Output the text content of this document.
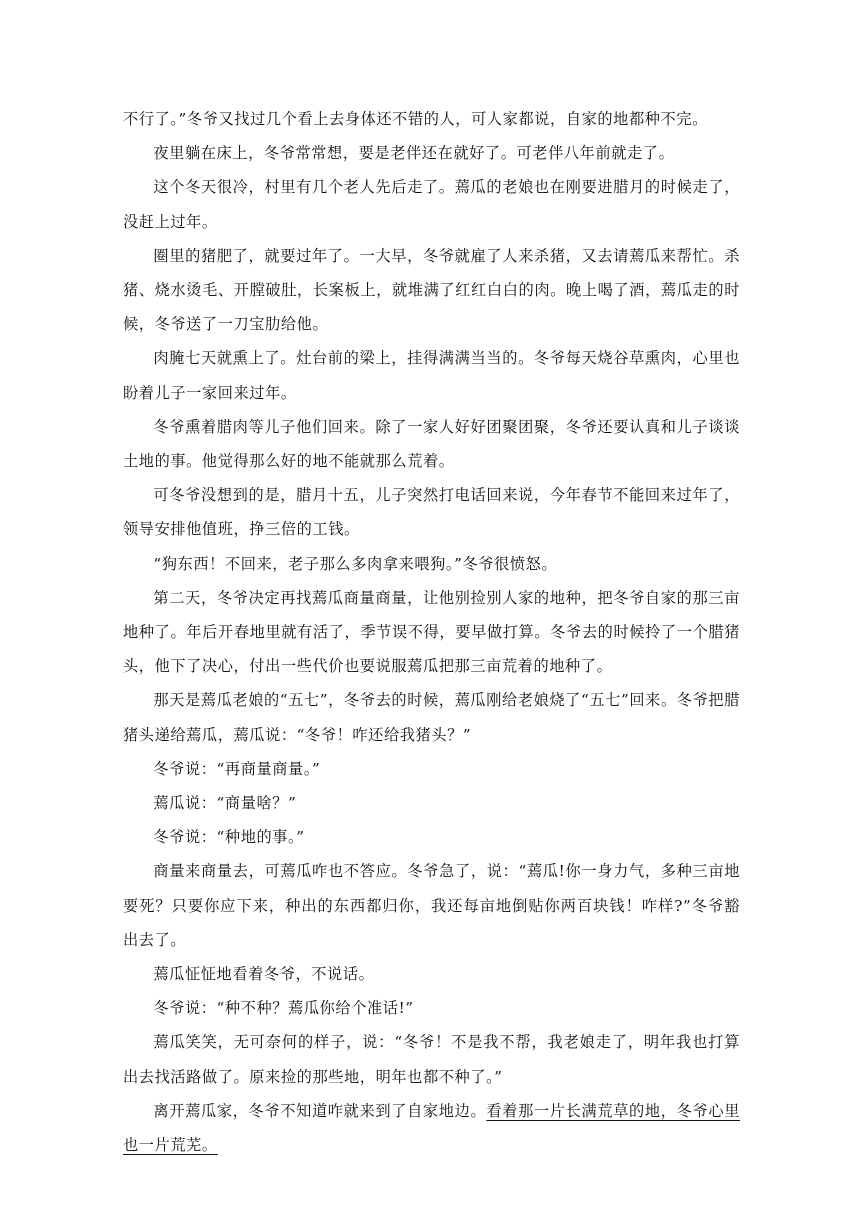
不行了。”冬爷又找过几个看上去身体还不错的人，可人家都说，自家的地都种不完。

夜里躺在床上，冬爷常常想，要是老伴还在就好了。可老伴八年前就走了。

这个冬天很冷，村里有几个老人先后走了。蔫瓜的老娘也在刚要进腊月的时候走了，没赶上过年。

圈里的猪肥了，就要过年了。一大早，冬爷就雇了人来杀猪，又去请蔫瓜来帮忙。杀猪、烧水烫毛、开膛破肚，长案板上，就堆满了红红白白的肉。晚上喝了酒，蔫瓜走的时候，冬爷送了一刀宝肋给他。

肉腌七天就熏上了。灶台前的梁上，挂得满满当当的。冬爷每天烧谷草熏肉，心里也盼着儿子一家回来过年。

冬爷熏着腊肉等儿子他们回来。除了一家人好好团聚团聚，冬爷还要认真和儿子谈谈土地的事。他觉得那么好的地不能就那么荒着。

可冬爷没想到的是，腊月十五，儿子突然打电话回来说，今年春节不能回来过年了，领导安排他值班，挣三倍的工钱。

“狗东西！不回来，老子那么多肉拿来喂狗。”冬爷很愤怒。

第二天，冬爷决定再找蔫瓜商量商量，让他别捡别人家的地种，把冬爷自家的那三亩地种了。年后开春地里就有活了，季节误不得，要早做打算。冬爷去的时候拎了一个腊猪头，他下了决心，付出一些代价也要说服蔫瓜把那三亩荒着的地种了。

那天是蔫瓜老娘的“五七”，冬爷去的时候，蔫瓜刚给老娘烧了“五七”回来。冬爷把腊猪头递给蔫瓜，蔫瓜说：“冬爷！咋还给我猪头？”

冬爷说：“再商量商量。”

蔫瓜说：“商量啥？”

冬爷说：“种地的事。”

商量来商量去，可蔫瓜咋也不答应。冬爷急了，说：“蔫瓜!你一身力气，多种三亩地要死？只要你应下来，种出的东西都归你，我还每亩地倒贴你两百块钱！咋样?”冬爷豁出去了。

蔫瓜怔怔地看着冬爷，不说话。

冬爷说：“种不种？蔫瓜你给个准话!”

蔫瓜笑笑，无可奈何的样子，说：“冬爷！不是我不帮，我老娘走了，明年我也打算出去找活路做了。原来捡的那些地，明年也都不种了。”

离开蔫瓜家，冬爷不知道咋就来到了自家地边。看着那一片长满荒草的地，冬爷心里也一片荒芜。
